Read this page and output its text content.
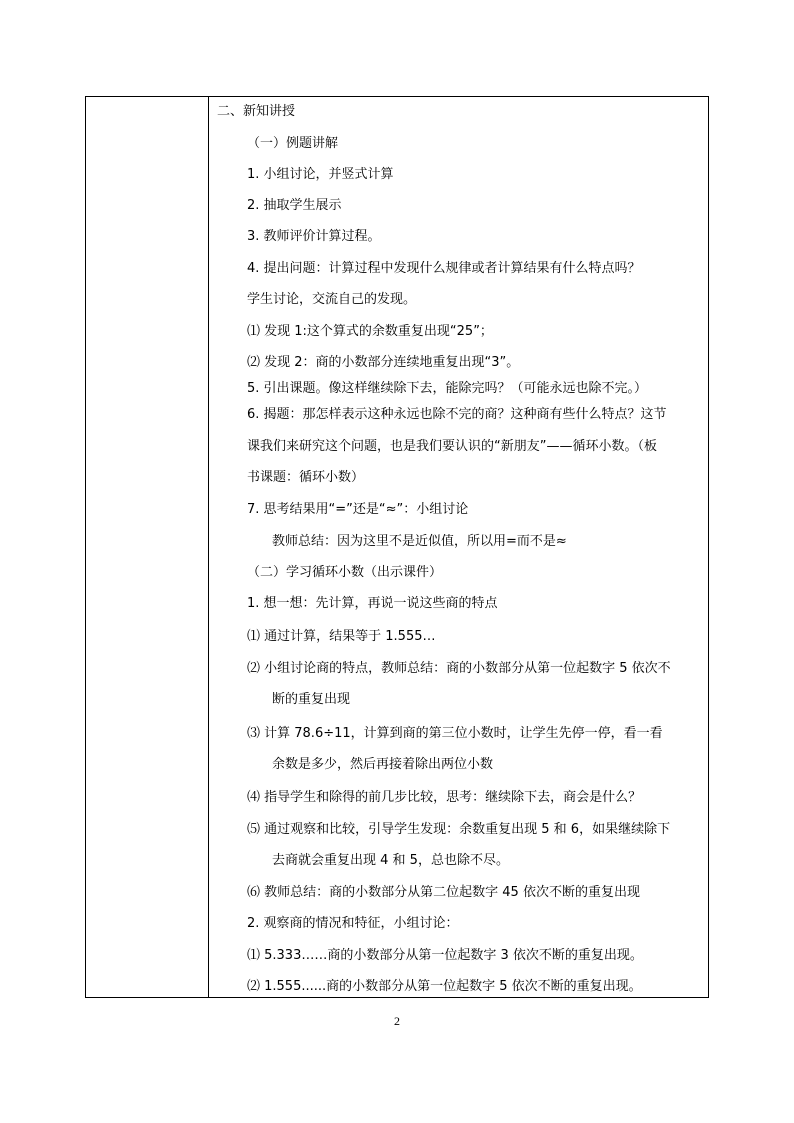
二、新知讲授
（一）例题讲解
1. 小组讨论，并竖式计算
2. 抽取学生展示
3. 教师评价计算过程。
4. 提出问题：计算过程中发现什么规律或者计算结果有什么特点吗？
学生讨论，交流自己的发现。
⑴ 发现 1:这个算式的余数重复出现“25”；
⑵ 发现 2：商的小数部分连续地重复出现“3”。
5. 引出课题。像这样继续除下去，能除完吗？（可能永远也除不完。）
6. 揭题：那怎样表示这种永远也除不完的商？这种商有些什么特点？这节
课我们来研究这个问题，也是我们要认识的“新朋友”——循环小数。（板
书课题：循环小数）
7. 思考结果用“=”还是“≈”：小组讨论
教师总结：因为这里不是近似值，所以用=而不是≈
（二）学习循环小数（出示课件）
1. 想一想：先计算，再说一说这些商的特点
⑴ 通过计算，结果等于 1.555…
⑵ 小组讨论商的特点，教师总结：商的小数部分从第一位起数字 5 依次不
断的重复出现
⑶ 计算 78.6÷11，计算到商的第三位小数时，让学生先停一停，看一看
余数是多少，然后再接着除出两位小数
⑷ 指导学生和除得的前几步比较，思考：继续除下去，商会是什么？
⑸ 通过观察和比较，引导学生发现：余数重复出现 5 和 6，如果继续除下
去商就会重复出现 4 和 5，总也除不尽。
⑹ 教师总结：商的小数部分从第二位起数字 45 依次不断的重复出现
2. 观察商的情况和特征，小组讨论：
⑴ 5.333……商的小数部分从第一位起数字 3 依次不断的重复出现。
⑵ 1.555......商的小数部分从第一位起数字 5 依次不断的重复出现。
2
